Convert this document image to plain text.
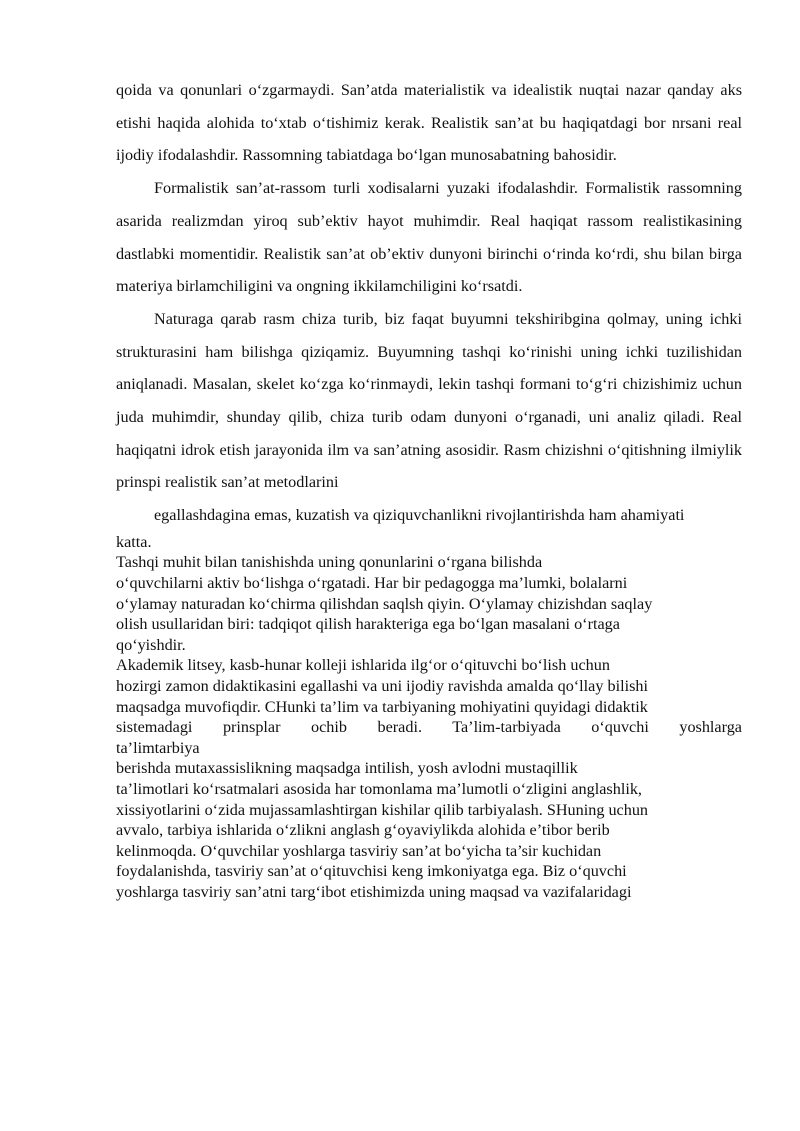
qoida va qonunlari o‘zgarmaydi. San’atda materialistik va idealistik nuqtai nazar qanday aks etishi haqida alohida to‘xtab o‘tishimiz kerak. Realistik san’at bu haqiqatdagi bor nrsani real ijodiy ifodalashdir. Rassomning tabiatdaga bo‘lgan munosabatning bahosidir.

Formalistik san’at-rassom turli xodisalarni yuzaki ifodalashdir. Formalistik rassomning asarida realizmdan yiroq sub’ektiv hayot muhimdir. Real haqiqat rassom realistikasining dastlabki momentidir. Realistik san’at ob’ektiv dunyoni birinchi o‘rinda ko‘rdi, shu bilan birga materiya birlamchiligini va ongning ikkilamchiligini ko‘rsatdi.

Naturaga qarab rasm chiza turib, biz faqat buyumni tekshiribgina qolmay, uning ichki strukturasini ham bilishga qiziqamiz. Buyumning tashqi ko‘rinishi uning ichki tuzilishidan aniqlanadi. Masalan, skelet ko‘zga ko‘rinmaydi, lekin tashqi formani to‘g‘ri chizishimiz uchun juda muhimdir, shunday qilib, chiza turib odam dunyoni o‘rganadi, uni analiz qiladi. Real haqiqatni idrok etish jarayonida ilm va san’atning asosidir. Rasm chizishni o‘qitishning ilmiylik prinspi realistik san’at metodlarini

egallashdagina emas, kuzatish va qiziquvchanlikni rivojlantirishda ham ahamiyati

katta.

Tashqi muhit bilan tanishishda uning qonunlarini o‘rgana bilishda

o‘quvchilarni aktiv bo‘lishga o‘rgatadi. Har bir pedagogga ma’lumki, bolalarni

o‘ylamay naturadan ko‘chirma qilishdan saqlsh qiyin. O‘ylamay chizishdan saqlay

olish usullaridan biri: tadqiqot qilish harakteriga ega bo‘lgan masalani o‘rtaga

qo‘yishdir.

Akademik litsey, kasb-hunar kolleji ishlarida ilg‘or o‘qituvchi bo‘lish uchun

hozirgi zamon didaktikasini egallashi va uni ijodiy ravishda amalda qo‘llay bilishi

maqsadga muvofiqdir. CHunki ta’lim va tarbiyaning mohiyatini quyidagi didaktik

sistemadagi prinsplar ochib beradi. Ta’lim-tarbiyada o‘quvchi yoshlarga

ta’limtarbiya

berishda mutaxassislikning maqsadga intilish, yosh avlodni mustaqillik

ta’limotlari ko‘rsatmalari asosida har tomonlama ma’lumotli o‘zligini anglashlik,

xissiyotlarini o‘zida mujassamlashtirgan kishilar qilib tarbiyalash. SHuning uchun

avvalo, tarbiya ishlarida o‘zlikni anglash g‘oyaviylikda alohida e’tibor berib

kelinmoqda. O‘quvchilar yoshlarga tasviriy san’at bo‘yicha ta’sir kuchidan

foydalanishda, tasviriy san’at o‘qituvchisi keng imkoniyatga ega. Biz o‘quvchi

yoshlarga tasviriy san’atni targ‘ibot etishimizda uning maqsad va vazifalaridagi
